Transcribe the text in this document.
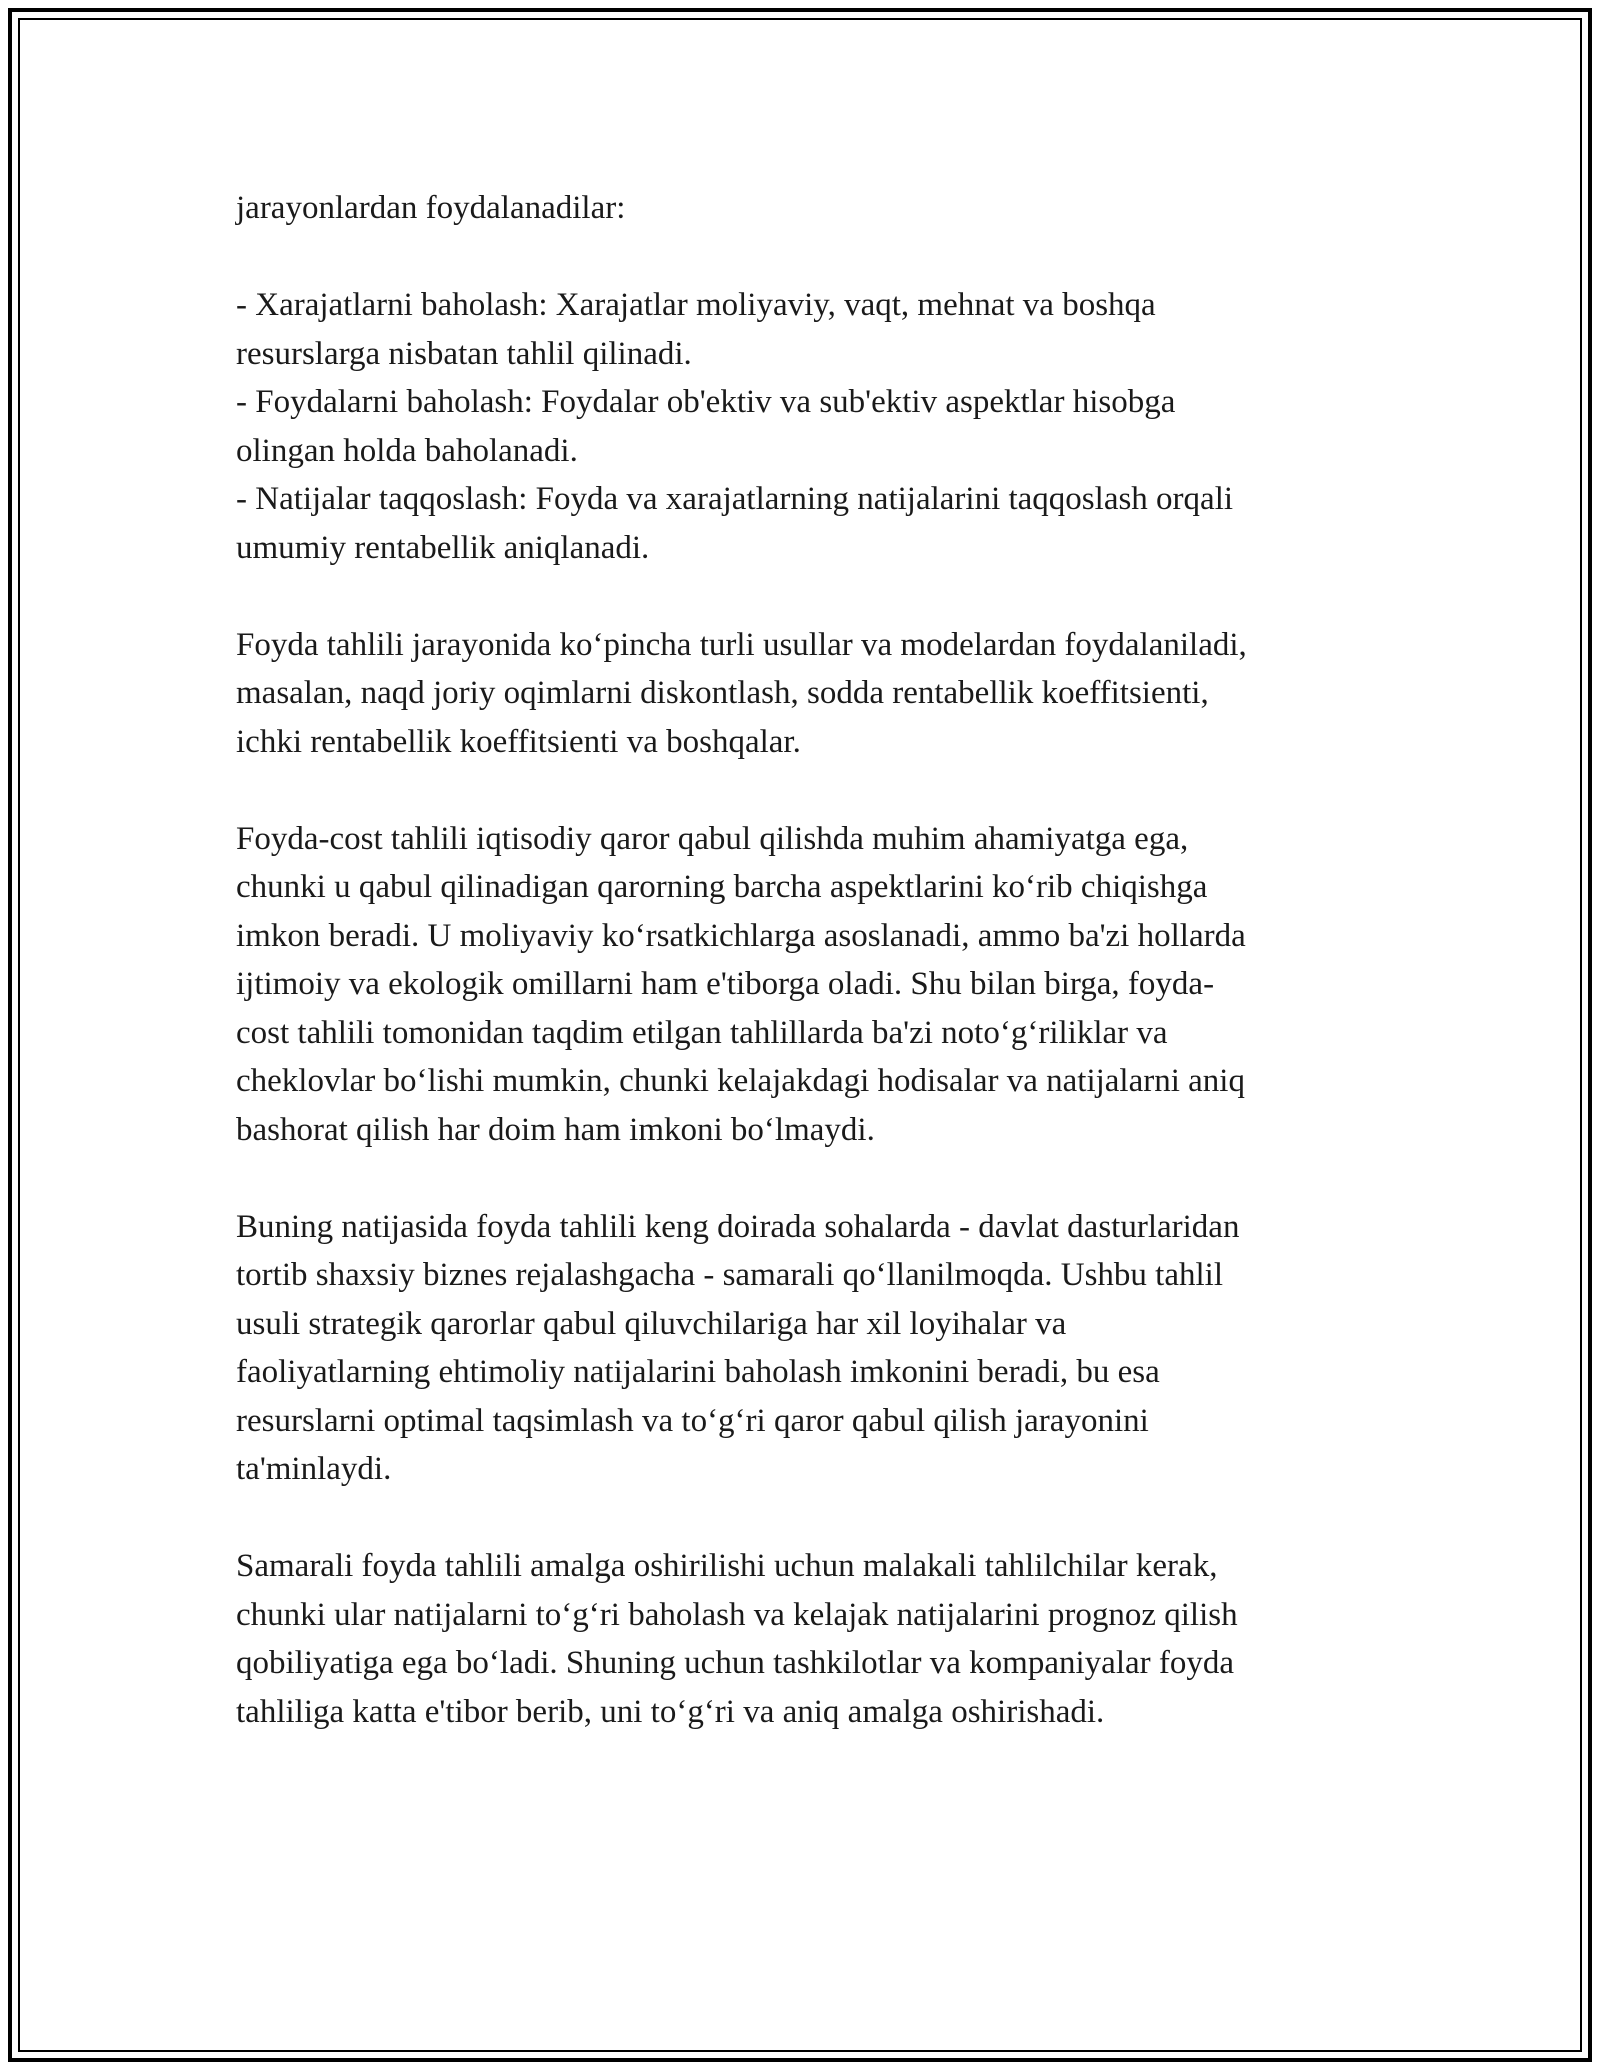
jarayonlardan foydalanadilar:

- Xarajatlarni baholash: Xarajatlar moliyaviy, vaqt, mehnat va boshqa
resurslarga nisbatan tahlil qilinadi.
- Foydalarni baholash: Foydalar ob'ektiv va sub'ektiv aspektlar hisobga
olingan holda baholanadi.
- Natijalar taqqoslash: Foyda va xarajatlarning natijalarini taqqoslash orqali
umumiy rentabellik aniqlanadi.

Foyda tahlili jarayonida ko‘pincha turli usullar va modelardan foydalaniladi,
masalan, naqd joriy oqimlarni diskontlash, sodda rentabellik koeffitsienti,
ichki rentabellik koeffitsienti va boshqalar.

Foyda-cost tahlili iqtisodiy qaror qabul qilishda muhim ahamiyatga ega,
chunki u qabul qilinadigan qarorning barcha aspektlarini ko‘rib chiqishga
imkon beradi. U moliyaviy ko‘rsatkichlarga asoslanadi, ammo ba'zi hollarda
ijtimoiy va ekologik omillarni ham e'tiborga oladi. Shu bilan birga, foyda-
cost tahlili tomonidan taqdim etilgan tahlillarda ba'zi noto‘g‘riliklar va
cheklovlar bo‘lishi mumkin, chunki kelajakdagi hodisalar va natijalarni aniq
bashorat qilish har doim ham imkoni bo‘lmaydi.

Buning natijasida foyda tahlili keng doirada sohalarda - davlat dasturlaridan
tortib shaxsiy biznes rejalashgacha - samarali qo‘llanilmoqda. Ushbu tahlil
usuli strategik qarorlar qabul qiluvchilariga har xil loyihalar va
faoliyatlarning ehtimoliy natijalarini baholash imkonini beradi, bu esa
resurslarni optimal taqsimlash va to‘g‘ri qaror qabul qilish jarayonini
ta'minlaydi.

Samarali foyda tahlili amalga oshirilishi uchun malakali tahlilchilar kerak,
chunki ular natijalarni to‘g‘ri baholash va kelajak natijalarini prognoz qilish
qobiliyatiga ega bo‘ladi. Shuning uchun tashkilotlar va kompaniyalar foyda
tahliliga katta e'tibor berib, uni to‘g‘ri va aniq amalga oshirishadi.
